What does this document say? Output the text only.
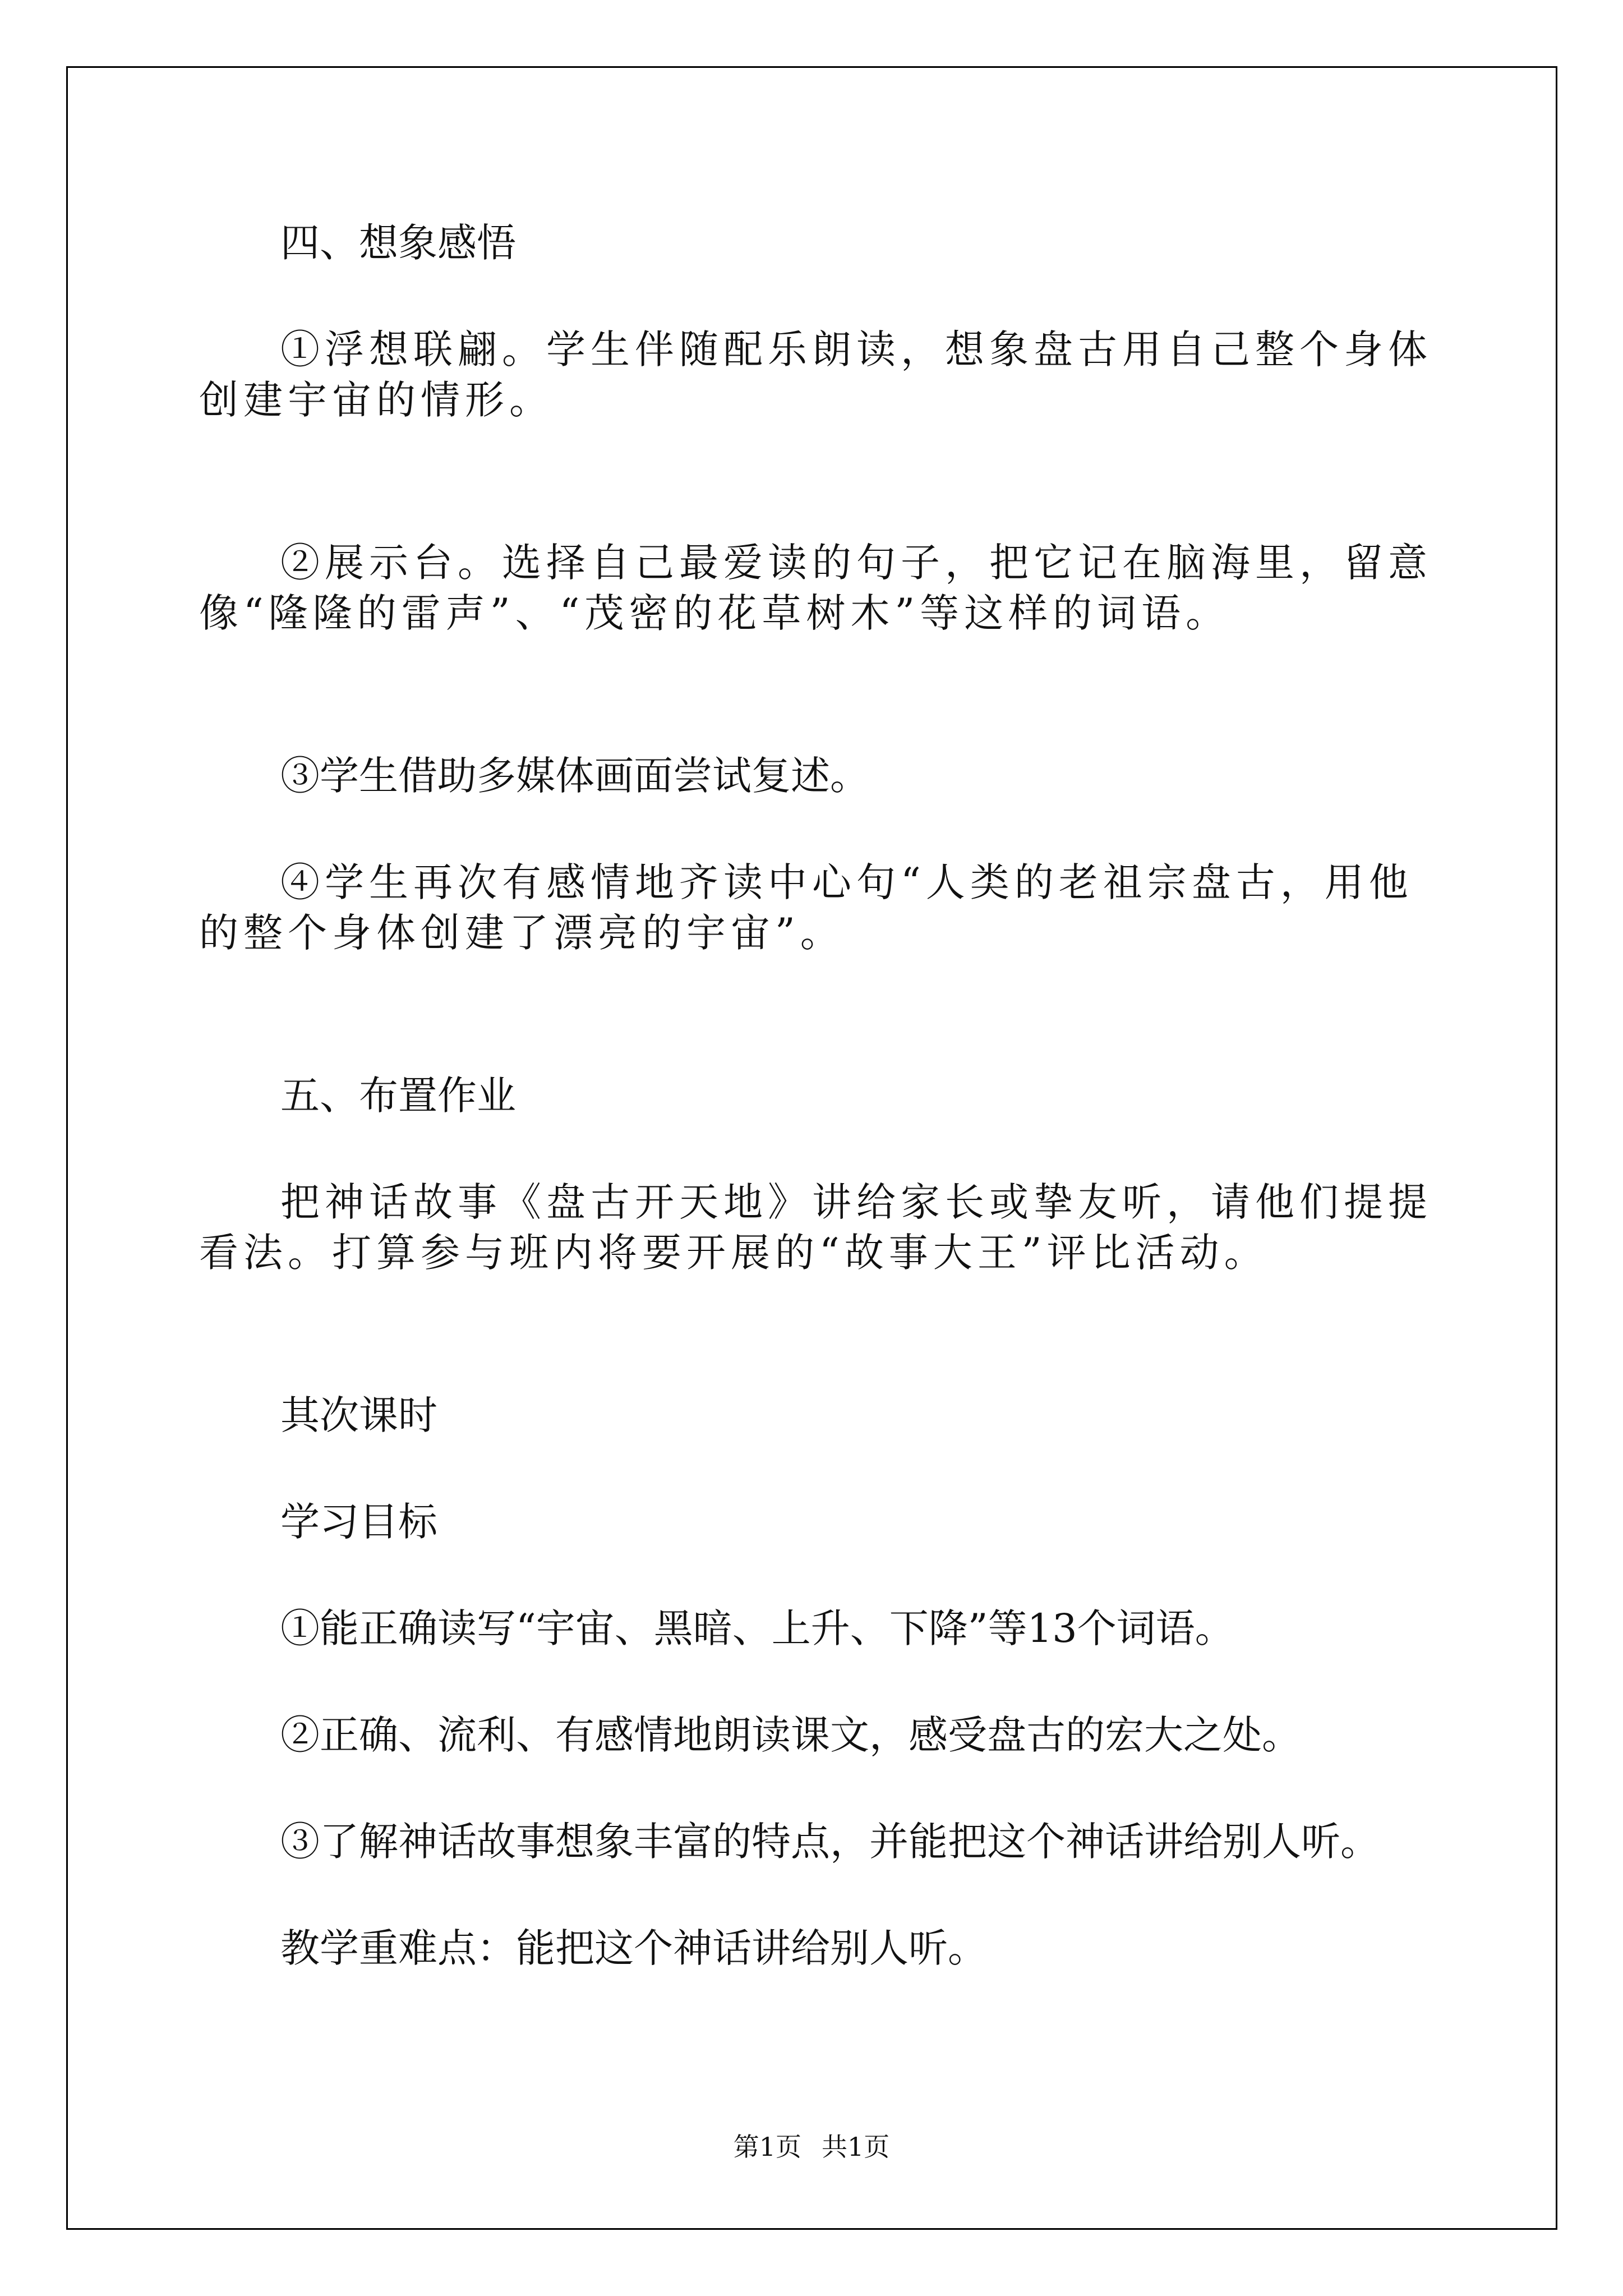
四、想象感悟

①浮想联翩。学生伴随配乐朗读，想象盘古用自己整个身体创建宇宙的情形。

②展示台。选择自己最爱读的句子，把它记在脑海里，留意像“隆隆的雷声”、“茂密的花草树木”等这样的词语。

③学生借助多媒体画面尝试复述。

④学生再次有感情地齐读中心句“人类的老祖宗盘古，用他的整个身体创建了漂亮的宇宙”。

五、布置作业

把神话故事《盘古开天地》讲给家长或挚友听，请他们提提看法。打算参与班内将要开展的“故事大王”评比活动。

其次课时

学习目标

①能正确读写“宇宙、黑暗、上升、下降”等13个词语。

②正确、流利、有感情地朗读课文，感受盘古的宏大之处。

③了解神话故事想象丰富的特点，并能把这个神话讲给别人听。

教学重难点：能把这个神话讲给别人听。

第1页 共1页
